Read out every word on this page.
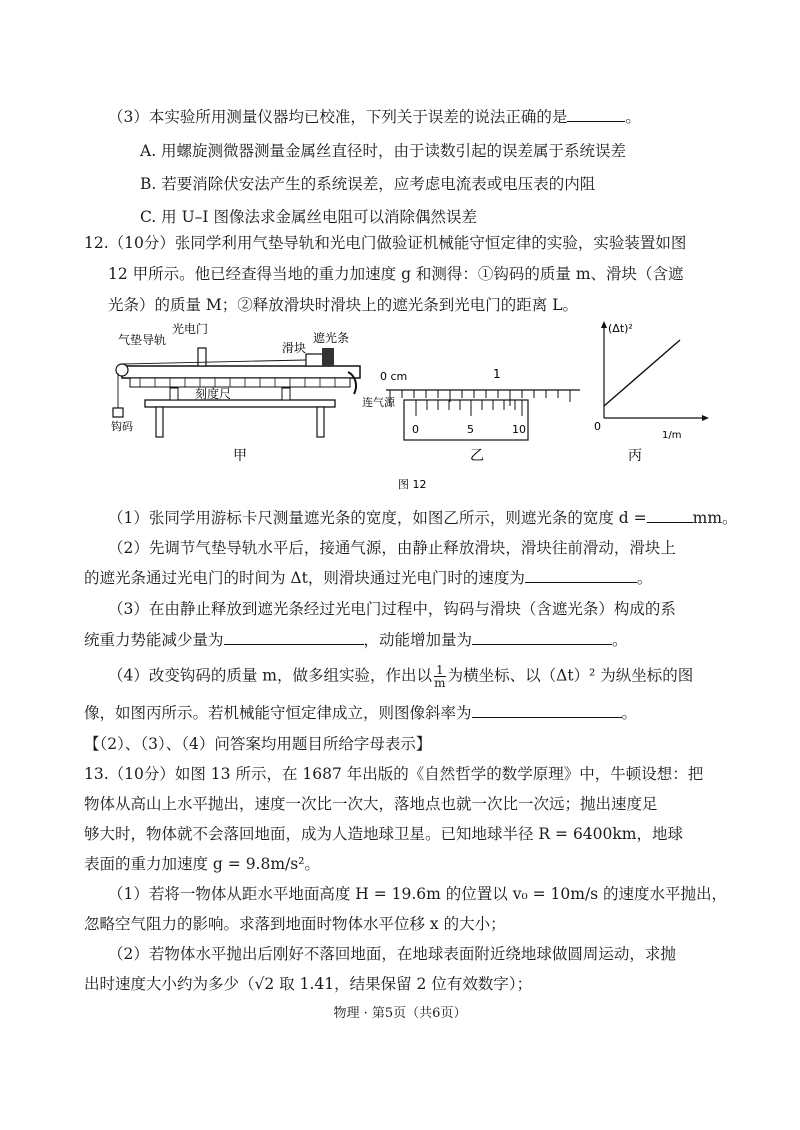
（3）本实验所用测量仪器均已校准，下列关于误差的说法正确的是	。
A. 用螺旋测微器测量金属丝直径时，由于读数引起的误差属于系统误差
B. 若要消除伏安法产生的系统误差，应考虑电流表或电压表的内阻
C. 用 U–I 图像法求金属丝电阻可以消除偶然误差
12.（10分）张同学利用气垫导轨和光电门做验证机械能守恒定律的实验，实验装置如图
12 甲所示。他已经查得当地的重力加速度 g 和测得：①钩码的质量 m、滑块（含遮
光条）的质量 M；②释放滑块时滑块上的遮光条到光电门的距离 L。
光电门
气垫导轨
滑块
遮光条
刻度尺
钩码
连气源
甲
0 cm	1
0	5	10
乙
(Δt)²
1/m
0
丙
图 12
（1）张同学用游标卡尺测量遮光条的宽度，如图乙所示，则遮光条的宽度 d =	mm。
（2）先调节气垫导轨水平后，接通气源，由静止释放滑块，滑块往前滑动，滑块上
的遮光条通过光电门的时间为 Δt，则滑块通过光电门时的速度为	。
（3）在由静止释放到遮光条经过光电门过程中，钩码与滑块（含遮光条）构成的系
统重力势能减少量为	，动能增加量为	。
（4）改变钩码的质量 m，做多组实验，作出以 $\frac{1}{m}$ 为横坐标、以（Δt）² 为纵坐标的图
像，如图丙所示。若机械能守恒定律成立，则图像斜率为	。
【（2）、（3）、（4）问答案均用题目所给字母表示】
13.（10分）如图 13 所示，在 1687 年出版的《自然哲学的数学原理》中，牛顿设想：把
物体从高山上水平抛出，速度一次比一次大，落地点也就一次比一次远；抛出速度足
够大时，物体就不会落回地面，成为人造地球卫星。已知地球半径 R = 6400km，地球
表面的重力加速度 g = 9.8m/s²。
（1）若将一物体从距水平地面高度 H = 19.6m 的位置以 v₀ = 10m/s 的速度水平抛出，
忽略空气阻力的影响。求落到地面时物体水平位移 x 的大小；
（2）若物体水平抛出后刚好不落回地面，在地球表面附近绕地球做圆周运动，求抛
出时速度大小约为多少（√2 取 1.41，结果保留 2 位有效数字）；
物理 · 第5页（共6页）
